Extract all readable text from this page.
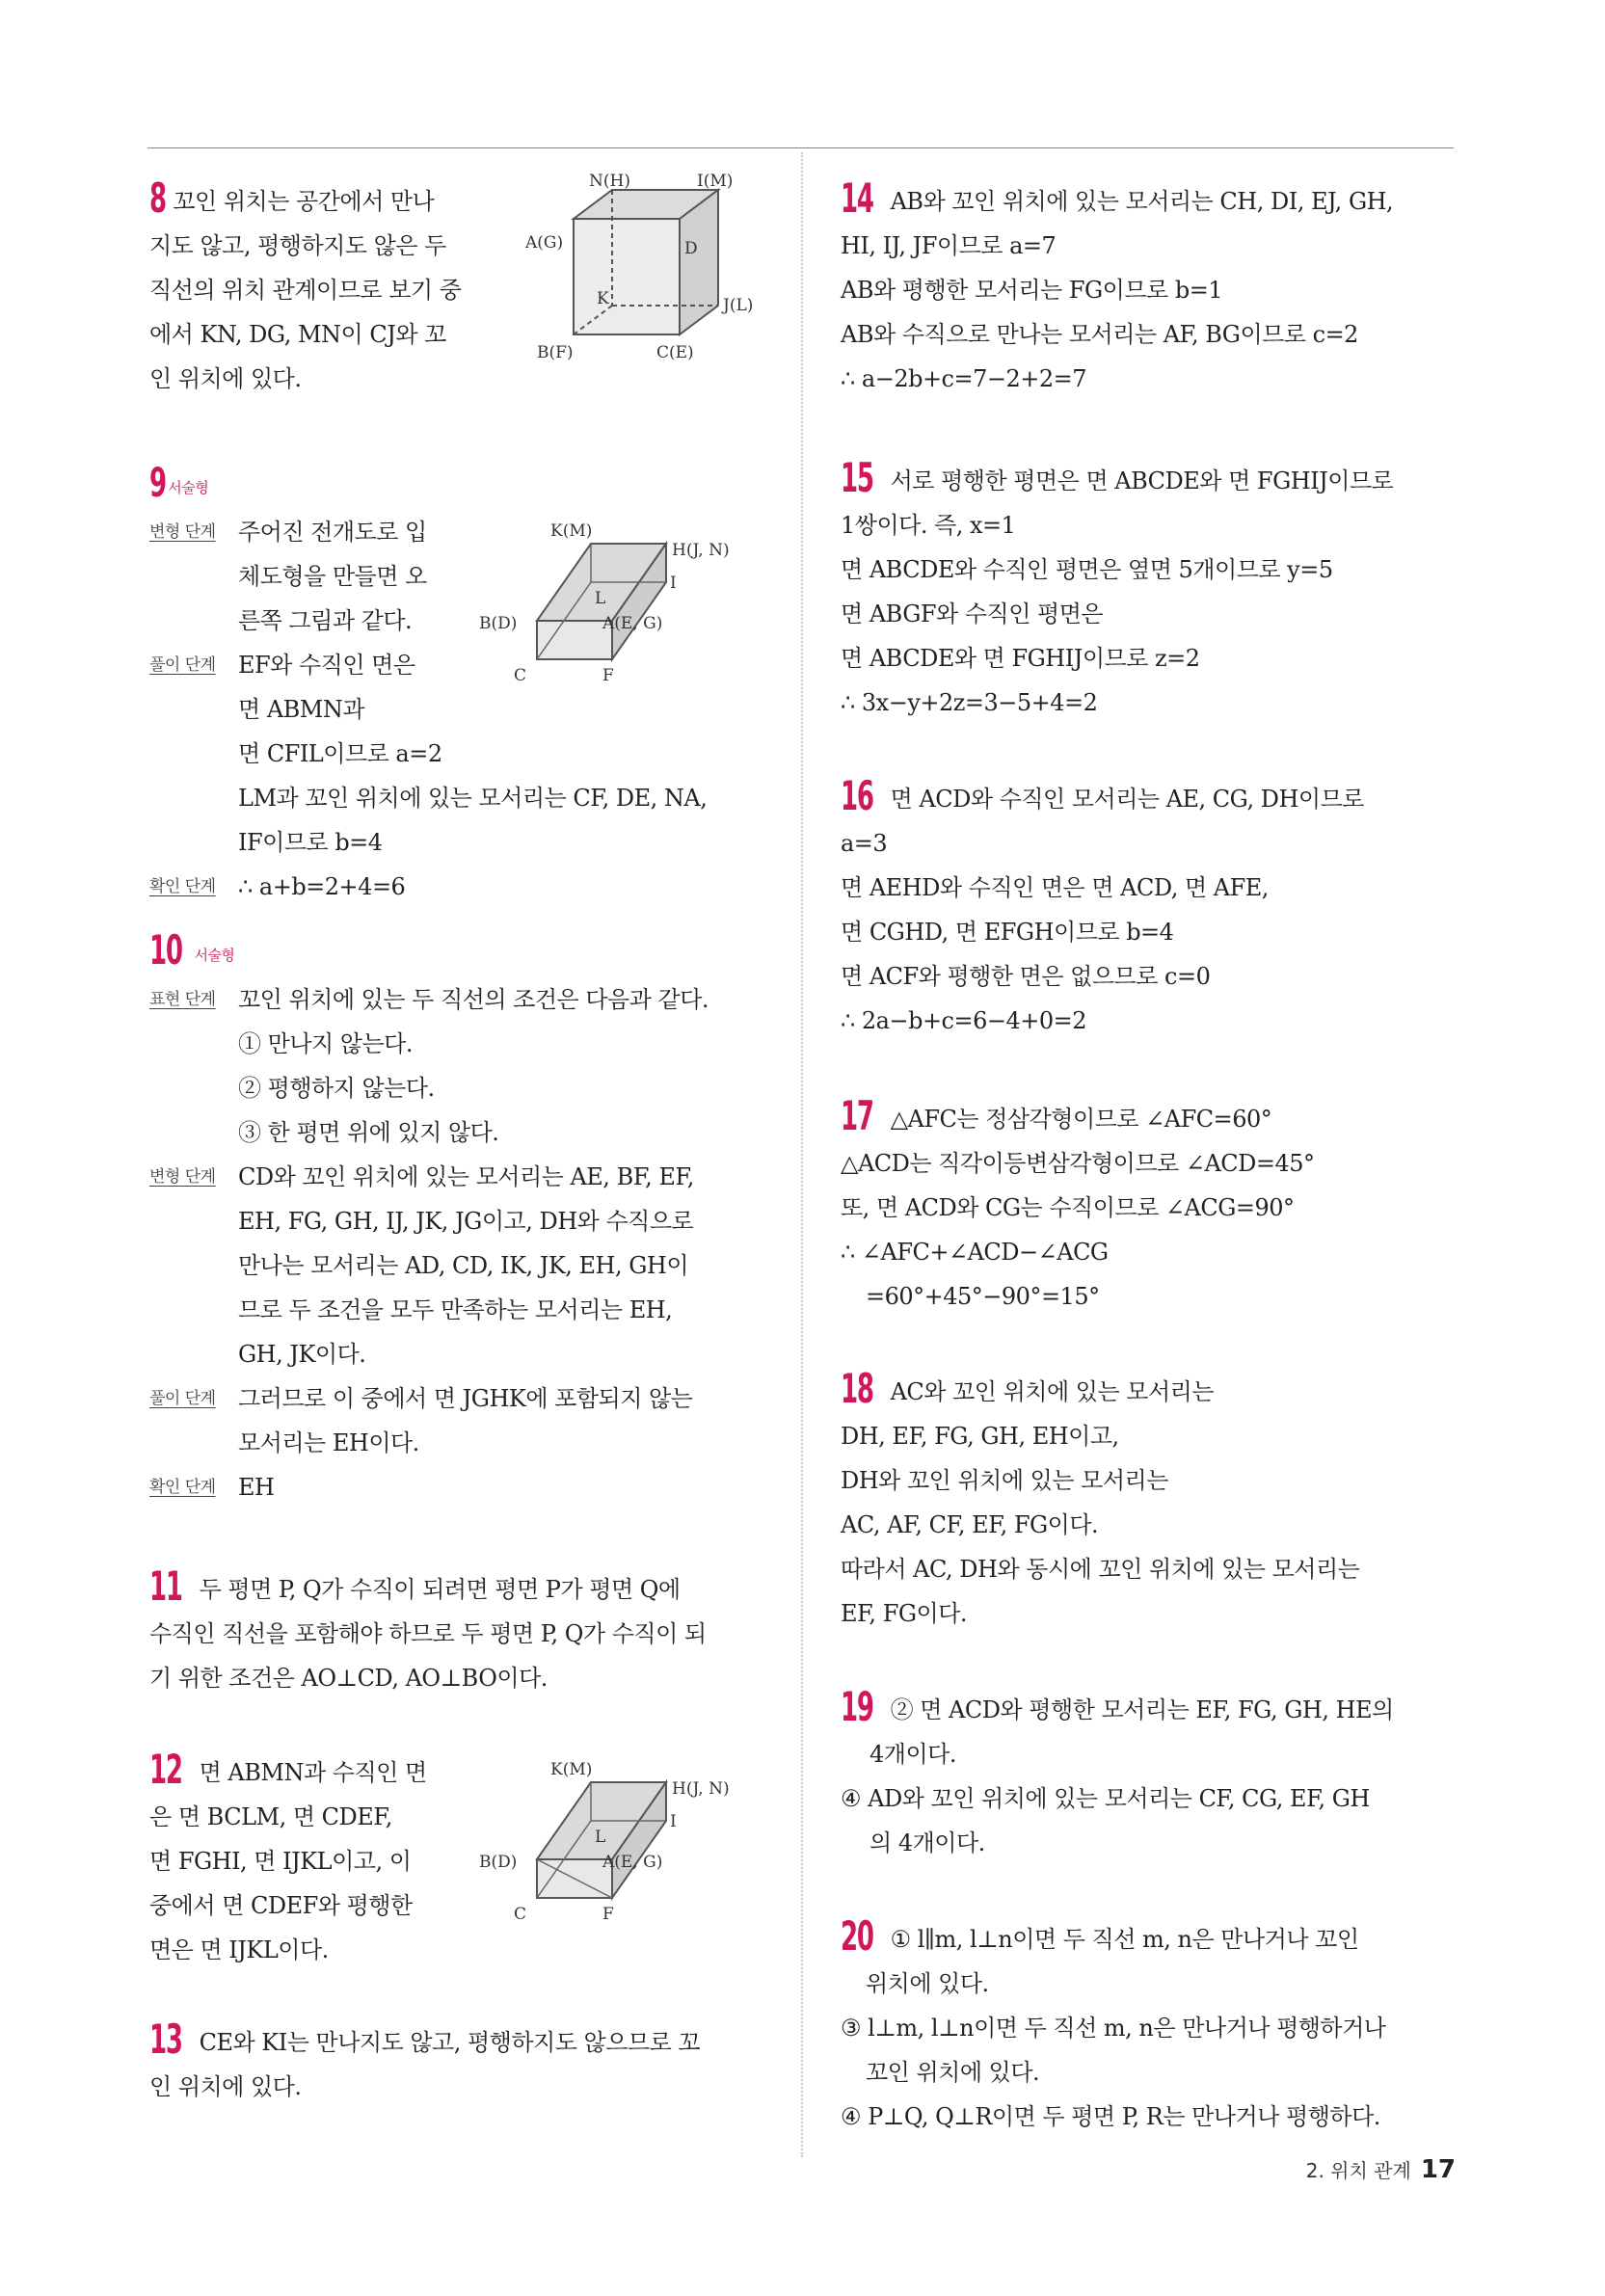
8 꼬인 위치는 공간에서 만나
지도 않고, 평행하지도 않은 두
직선의 위치 관계이므로 보기 중
에서 KN, DG, MN이 CJ와 꼬
인 위치에 있다.
N(H)	I(M)
A(G)	D
K	J(L)
B(F)	C(E)
9 서술형
변형 단계 주어진 전개도로 입
체도형을 만들면 오
른쪽 그림과 같다.
풀이 단계 EF와 수직인 면은
면 ABMN과
면 CFIL이므로 a=2
LM과 꼬인 위치에 있는 모서리는 CF, DE, NA,
IF이므로 b=4
확인 단계 ∴ a+b=2+4=6
K(M)
H(J, N)
I
L
B(D)	A(E, G)
C	F
10 서술형
표현 단계 꼬인 위치에 있는 두 직선의 조건은 다음과 같다.
① 만나지 않는다.
② 평행하지 않는다.
③ 한 평면 위에 있지 않다.
변형 단계 CD와 꼬인 위치에 있는 모서리는 AE, BF, EF,
EH, FG, GH, IJ, JK, JG이고, DH와 수직으로
만나는 모서리는 AD, CD, IK, JK, EH, GH이
므로 두 조건을 모두 만족하는 모서리는 EH,
GH, JK이다.
풀이 단계 그러므로 이 중에서 면 JGHK에 포함되지 않는
모서리는 EH이다.
확인 단계 EH
11 두 평면 P, Q가 수직이 되려면 평면 P가 평면 Q에
수직인 직선을 포함해야 하므로 두 평면 P, Q가 수직이 되
기 위한 조건은 AO⊥CD, AO⊥BO이다.
12 면 ABMN과 수직인 면
은 면 BCLM, 면 CDEF,
면 FGHI, 면 IJKL이고, 이
중에서 면 CDEF와 평행한
면은 면 IJKL이다.
K(M)
H(J, N)
I
L
B(D)	A(E, G)
C	F
13 CE와 KI는 만나지도 않고, 평행하지도 않으므로 꼬
인 위치에 있다.
14 AB와 꼬인 위치에 있는 모서리는 CH, DI, EJ, GH,
HI, IJ, JF이므로 a=7
AB와 평행한 모서리는 FG이므로 b=1
AB와 수직으로 만나는 모서리는 AF, BG이므로 c=2
∴ a−2b+c=7−2+2=7
15 서로 평행한 평면은 면 ABCDE와 면 FGHIJ이므로
1쌍이다. 즉, x=1
면 ABCDE와 수직인 평면은 옆면 5개이므로 y=5
면 ABGF와 수직인 평면은
면 ABCDE와 면 FGHIJ이므로 z=2
∴ 3x−y+2z=3−5+4=2
16 면 ACD와 수직인 모서리는 AE, CG, DH이므로
a=3
면 AEHD와 수직인 면은 면 ACD, 면 AFE,
면 CGHD, 면 EFGH이므로 b=4
면 ACF와 평행한 면은 없으므로 c=0
∴ 2a−b+c=6−4+0=2
17 △AFC는 정삼각형이므로 ∠AFC=60°
△ACD는 직각이등변삼각형이므로 ∠ACD=45°
또, 면 ACD와 CG는 수직이므로 ∠ACG=90°
∴ ∠AFC+∠ACD−∠ACG
=60°+45°−90°=15°
18 AC와 꼬인 위치에 있는 모서리는
DH, EF, FG, GH, EH이고,
DH와 꼬인 위치에 있는 모서리는
AC, AF, CF, EF, FG이다.
따라서 AC, DH와 동시에 꼬인 위치에 있는 모서리는
EF, FG이다.
19 ② 면 ACD와 평행한 모서리는 EF, FG, GH, HE의
4개이다.
④ AD와 꼬인 위치에 있는 모서리는 CF, CG, EF, GH
의 4개이다.
20 ① l∥m, l⊥n이면 두 직선 m, n은 만나거나 꼬인
위치에 있다.
③ l⊥m, l⊥n이면 두 직선 m, n은 만나거나 평행하거나
꼬인 위치에 있다.
④ P⊥Q, Q⊥R이면 두 평면 P, R는 만나거나 평행하다.
2. 위치 관계 17
